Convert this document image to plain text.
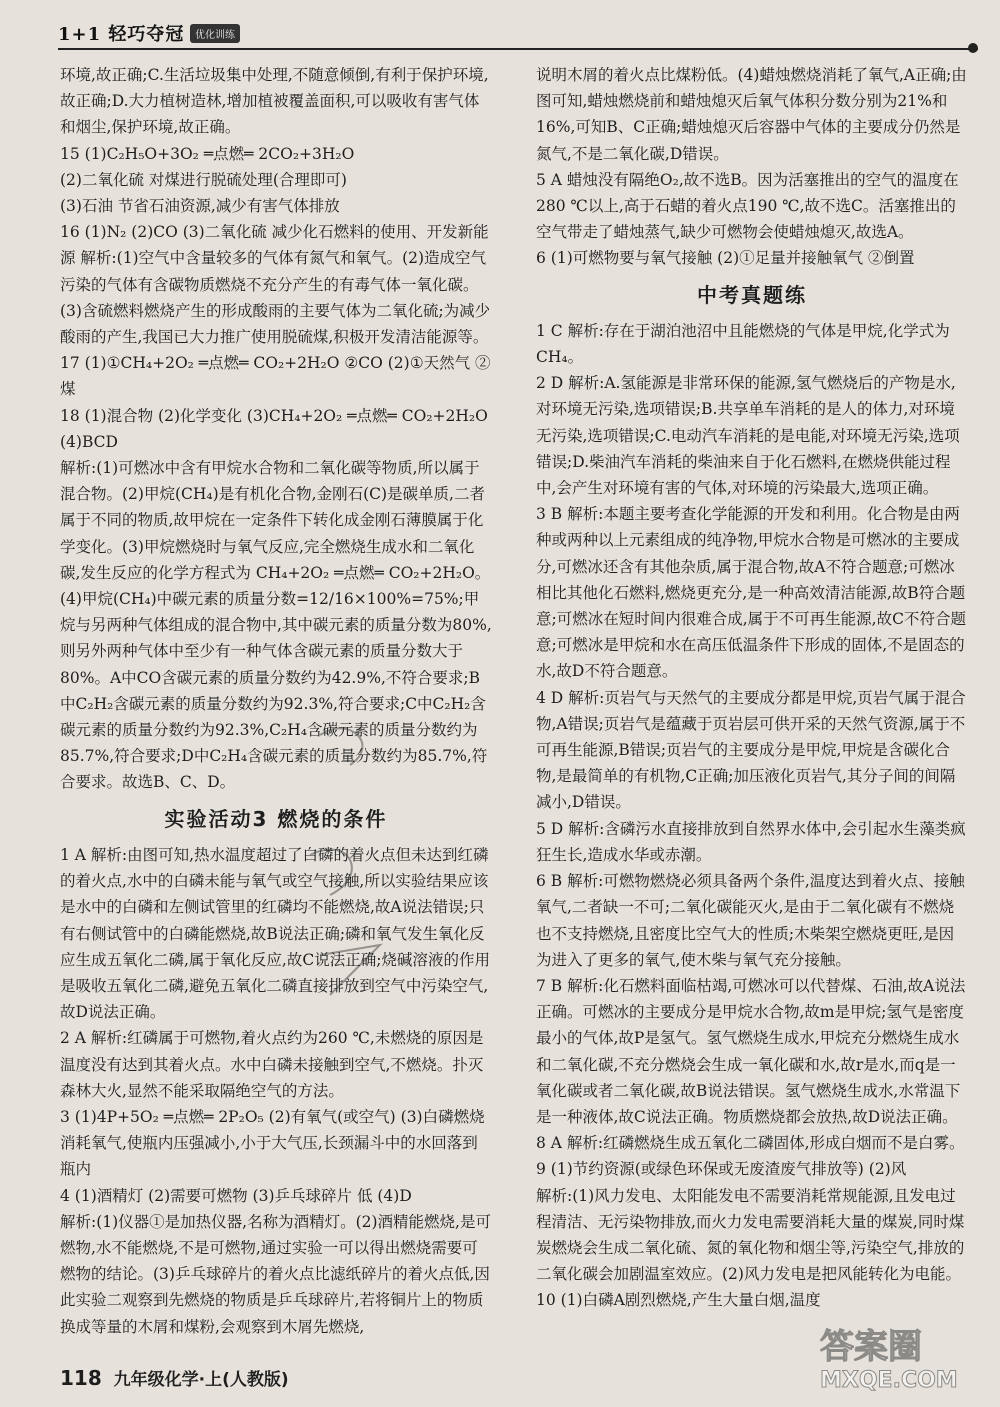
1+1 轻巧夺冠	优化训练

环境,故正确;C.生活垃圾集中处理,不随意倾倒,有利于保护环境,故正确;D.大力植树造林,增加植被覆盖面积,可以吸收有害气体和烟尘,保护环境,故正确。

15 (1)C₂H₅O+3O₂ ═点燃═ 2CO₂+3H₂O

(2)二氧化硫 对煤进行脱硫处理(合理即可)

(3)石油 节省石油资源,减少有害气体排放

16 (1)N₂ (2)CO (3)二氧化硫 减少化石燃料的使用、开发新能源 解析:(1)空气中含量较多的气体有氮气和氧气。(2)造成空气污染的气体有含碳物质燃烧不充分产生的有毒气体一氧化碳。(3)含硫燃料燃烧产生的形成酸雨的主要气体为二氧化硫;为减少酸雨的产生,我国已大力推广使用脱硫煤,积极开发清洁能源等。

17 (1)①CH₄+2O₂ ═点燃═ CO₂+2H₂O ②CO (2)①天然气 ②煤

18 (1)混合物 (2)化学变化 (3)CH₄+2O₂ ═点燃═ CO₂+2H₂O (4)BCD

解析:(1)可燃冰中含有甲烷水合物和二氧化碳等物质,所以属于混合物。(2)甲烷(CH₄)是有机化合物,金刚石(C)是碳单质,二者属于不同的物质,故甲烷在一定条件下转化成金刚石薄膜属于化学变化。(3)甲烷燃烧时与氧气反应,完全燃烧生成水和二氧化碳,发生反应的化学方程式为 CH₄+2O₂ ═点燃═ CO₂+2H₂O。(4)甲烷(CH₄)中碳元素的质量分数=12/16×100%=75%;甲烷与另两种气体组成的混合物中,其中碳元素的质量分数为80%,则另外两种气体中至少有一种气体含碳元素的质量分数大于80%。A中CO含碳元素的质量分数约为42.9%,不符合要求;B中C₂H₂含碳元素的质量分数约为92.3%,符合要求;C中C₂H₂含碳元素的质量分数约为92.3%,C₂H₄含碳元素的质量分数约为85.7%,符合要求;D中C₂H₄含碳元素的质量分数约为85.7%,符合要求。故选B、C、D。

实验活动3 燃烧的条件

1 A 解析:由图可知,热水温度超过了白磷的着火点但未达到红磷的着火点,水中的白磷未能与氧气或空气接触,所以实验结果应该是水中的白磷和左侧试管里的红磷均不能燃烧,故A说法错误;只有右侧试管中的白磷能燃烧,故B说法正确;磷和氧气发生氧化反应生成五氧化二磷,属于氧化反应,故C说法正确;烧碱溶液的作用是吸收五氧化二磷,避免五氧化二磷直接排放到空气中污染空气,故D说法正确。

2 A 解析:红磷属于可燃物,着火点约为260 ℃,未燃烧的原因是温度没有达到其着火点。水中白磷未接触到空气,不燃烧。扑灭森林大火,显然不能采取隔绝空气的方法。

3 (1)4P+5O₂ ═点燃═ 2P₂O₅ (2)有氧气(或空气) (3)白磷燃烧消耗氧气,使瓶内压强减小,小于大气压,长颈漏斗中的水回落到瓶内

4 (1)酒精灯 (2)需要可燃物 (3)乒乓球碎片 低 (4)D

解析:(1)仪器①是加热仪器,名称为酒精灯。(2)酒精能燃烧,是可燃物,水不能燃烧,不是可燃物,通过实验一可以得出燃烧需要可燃物的结论。(3)乒乓球碎片的着火点比滤纸碎片的着火点低,因此实验二观察到先燃烧的物质是乒乓球碎片,若将铜片上的物质换成等量的木屑和煤粉,会观察到木屑先燃烧,

说明木屑的着火点比煤粉低。(4)蜡烛燃烧消耗了氧气,A正确;由图可知,蜡烛燃烧前和蜡烛熄灭后氧气体积分数分别为21%和16%,可知B、C正确;蜡烛熄灭后容器中气体的主要成分仍然是氮气,不是二氧化碳,D错误。

5 A 蜡烛没有隔绝O₂,故不选B。因为活塞推出的空气的温度在280 ℃以上,高于石蜡的着火点190 ℃,故不选C。活塞推出的空气带走了蜡烛蒸气,缺少可燃物会使蜡烛熄灭,故选A。

6 (1)可燃物要与氧气接触 (2)①足量并接触氧气 ②倒置

中考真题练

1 C 解析:存在于湖泊池沼中且能燃烧的气体是甲烷,化学式为CH₄。

2 D 解析:A.氢能源是非常环保的能源,氢气燃烧后的产物是水,对环境无污染,选项错误;B.共享单车消耗的是人的体力,对环境无污染,选项错误;C.电动汽车消耗的是电能,对环境无污染,选项错误;D.柴油汽车消耗的柴油来自于化石燃料,在燃烧供能过程中,会产生对环境有害的气体,对环境的污染最大,选项正确。

3 B 解析:本题主要考查化学能源的开发和利用。化合物是由两种或两种以上元素组成的纯净物,甲烷水合物是可燃冰的主要成分,可燃冰还含有其他杂质,属于混合物,故A不符合题意;可燃冰相比其他化石燃料,燃烧更充分,是一种高效清洁能源,故B符合题意;可燃冰在短时间内很难合成,属于不可再生能源,故C不符合题意;可燃冰是甲烷和水在高压低温条件下形成的固体,不是固态的水,故D不符合题意。

4 D 解析:页岩气与天然气的主要成分都是甲烷,页岩气属于混合物,A错误;页岩气是蕴藏于页岩层可供开采的天然气资源,属于不可再生能源,B错误;页岩气的主要成分是甲烷,甲烷是含碳化合物,是最简单的有机物,C正确;加压液化页岩气,其分子间的间隔减小,D错误。

5 D 解析:含磷污水直接排放到自然界水体中,会引起水生藻类疯狂生长,造成水华或赤潮。

6 B 解析:可燃物燃烧必须具备两个条件,温度达到着火点、接触氧气,二者缺一不可;二氧化碳能灭火,是由于二氧化碳有不燃烧也不支持燃烧,且密度比空气大的性质;木柴架空燃烧更旺,是因为进入了更多的氧气,使木柴与氧气充分接触。

7 B 解析:化石燃料面临枯竭,可燃冰可以代替煤、石油,故A说法正确。可燃冰的主要成分是甲烷水合物,故m是甲烷;氢气是密度最小的气体,故P是氢气。氢气燃烧生成水,甲烷充分燃烧生成水和二氧化碳,不充分燃烧会生成一氧化碳和水,故r是水,而q是一氧化碳或者二氧化碳,故B说法错误。氢气燃烧生成水,水常温下是一种液体,故C说法正确。物质燃烧都会放热,故D说法正确。

8 A 解析:红磷燃烧生成五氧化二磷固体,形成白烟而不是白雾。

9 (1)节约资源(或绿色环保或无废渣废气排放等) (2)风

解析:(1)风力发电、太阳能发电不需要消耗常规能源,且发电过程清洁、无污染物排放,而火力发电需要消耗大量的煤炭,同时煤炭燃烧会生成二氧化硫、氮的氧化物和烟尘等,污染空气,排放的二氧化碳会加剧温室效应。(2)风力发电是把风能转化为电能。

10 (1)白磷A剧烈燃烧,产生大量白烟,温度

118 九年级化学·上(人教版)
答案圈
MXQE.COM
